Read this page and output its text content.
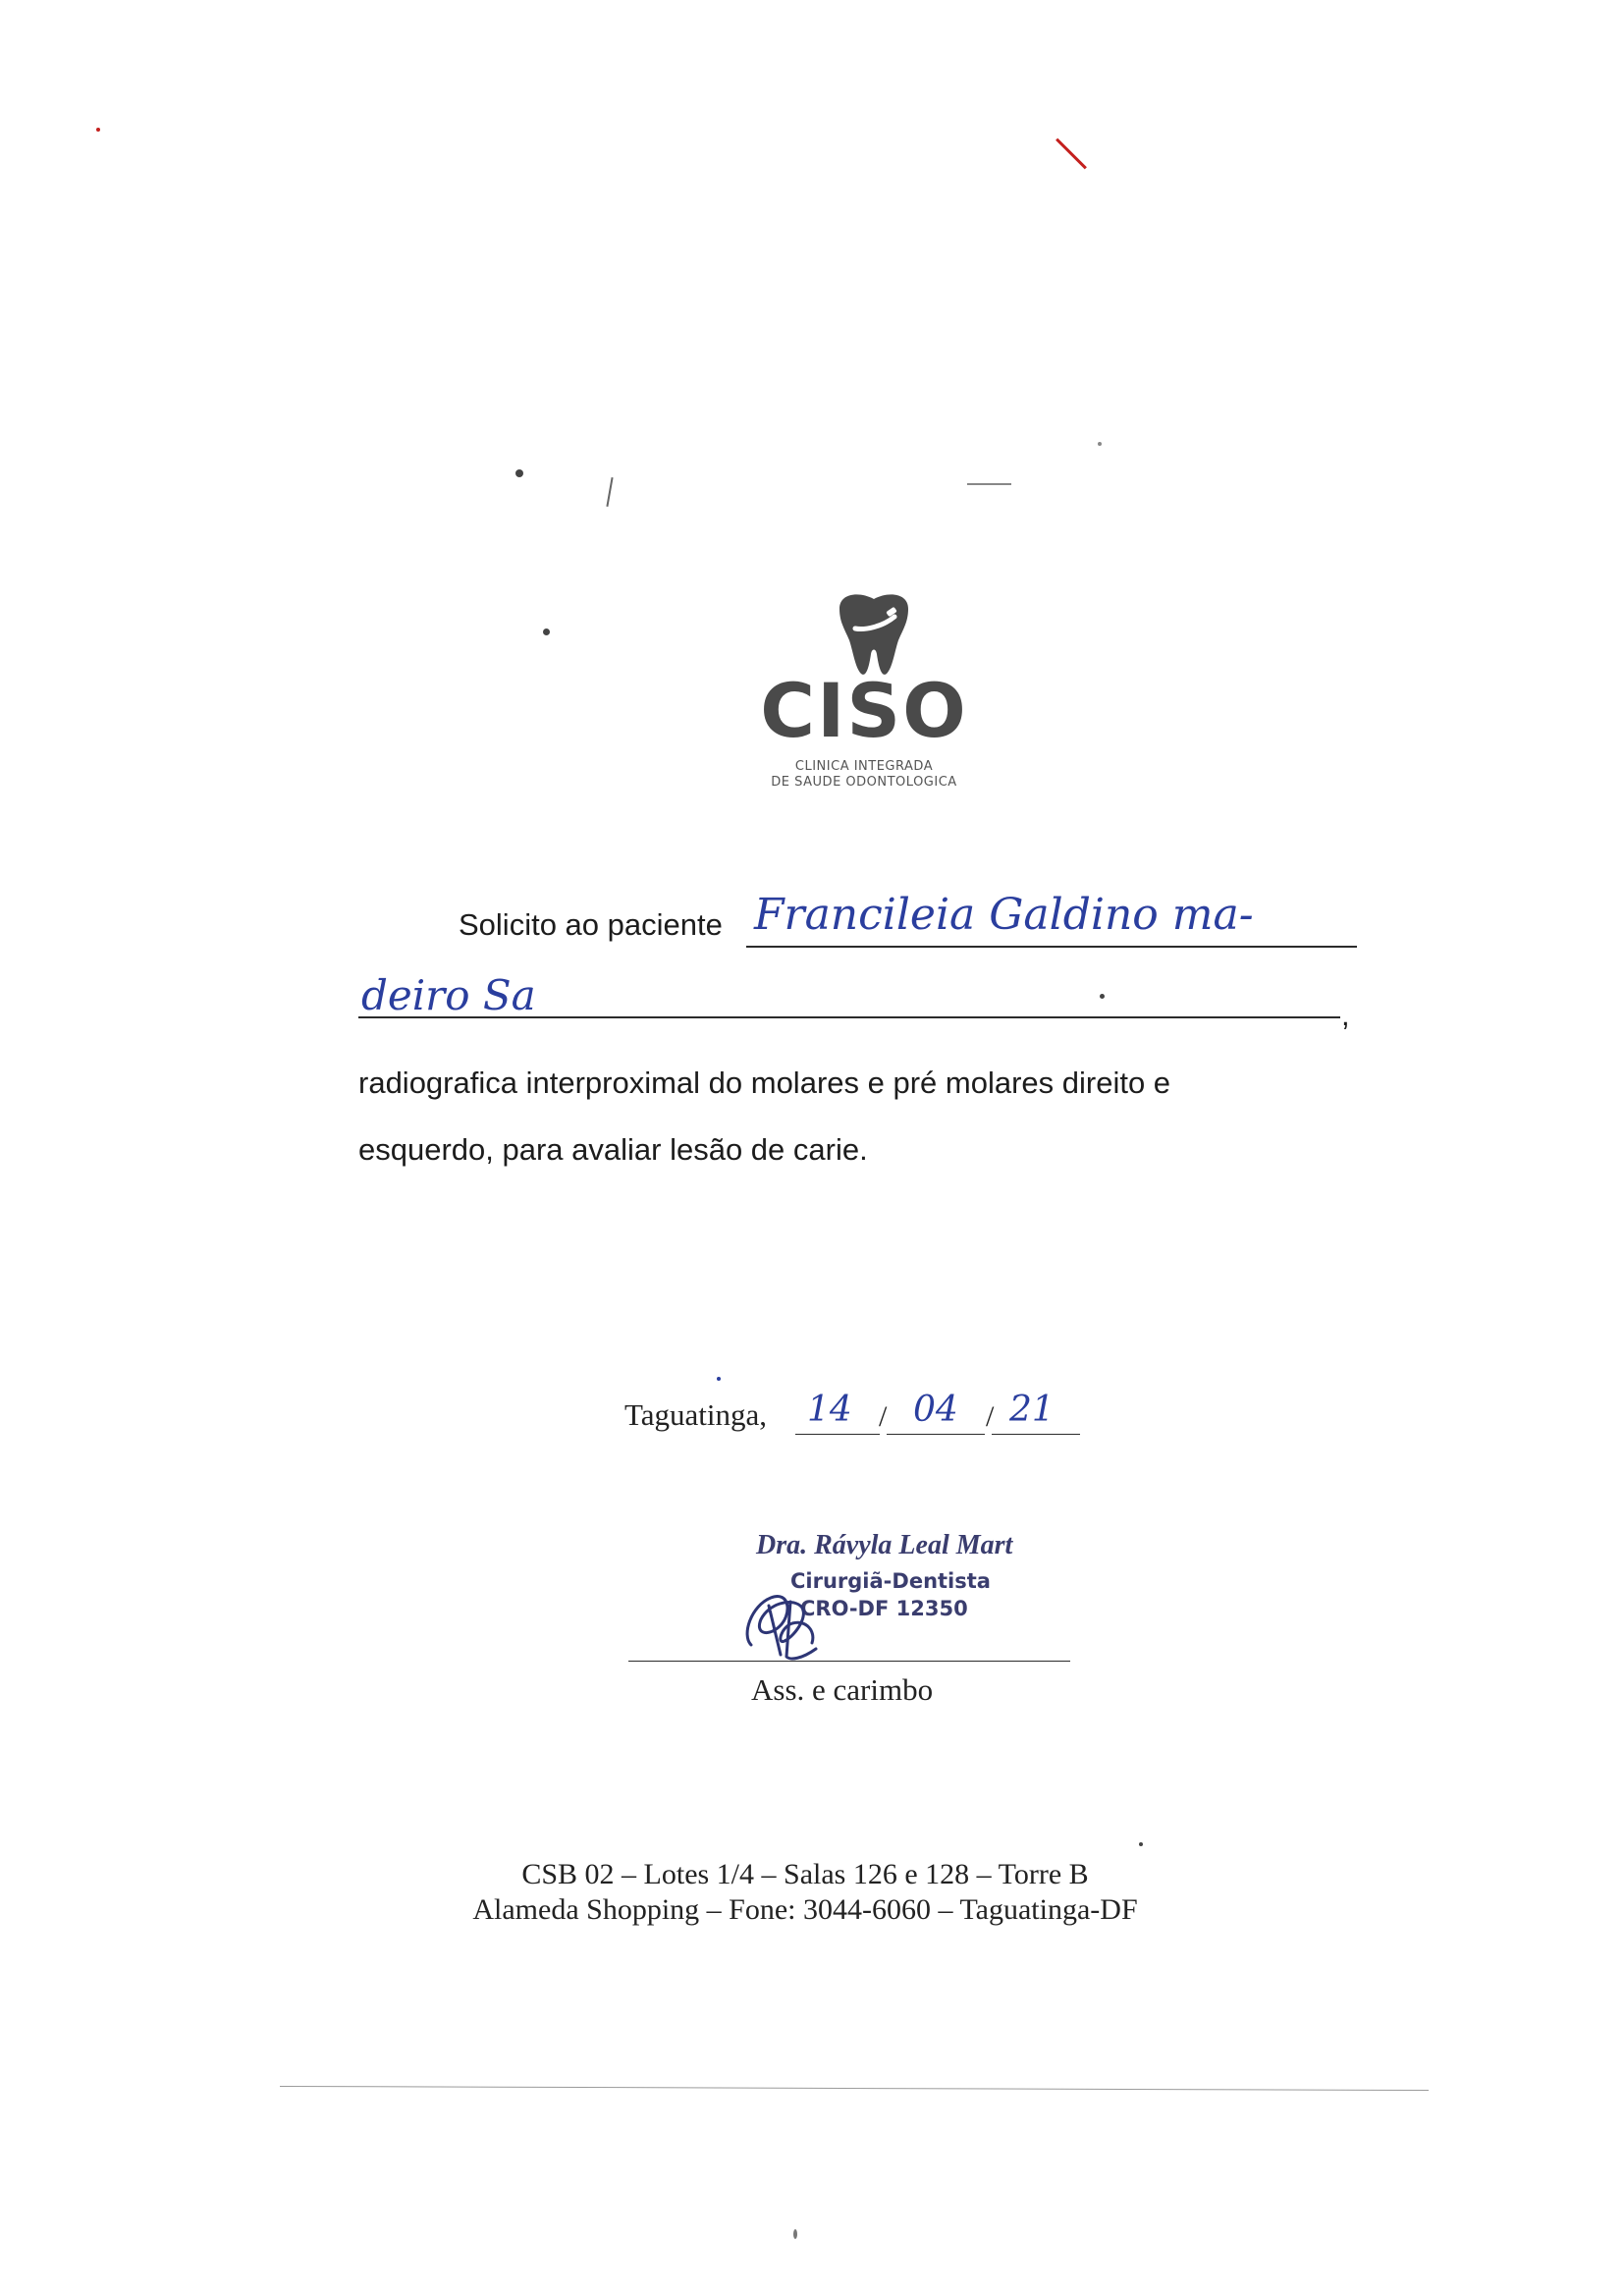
CISO
CLINICA INTEGRADA
DE SAUDE ODONTOLOGICA
Solicito ao paciente Francileia Galdino ma-
deiro Sa	,
radiografica interproximal do molares e pré molares direito e
esquerdo, para avaliar lesão de carie.
Taguatinga, 14 / 04 / 21
Dra. Rávyla Leal Mart
Cirurgiã-Dentista
CRO-DF 12350
Ass. e carimbo
CSB 02 – Lotes 1/4 – Salas 126 e 128 – Torre B
Alameda Shopping – Fone: 3044-6060 – Taguatinga-DF
